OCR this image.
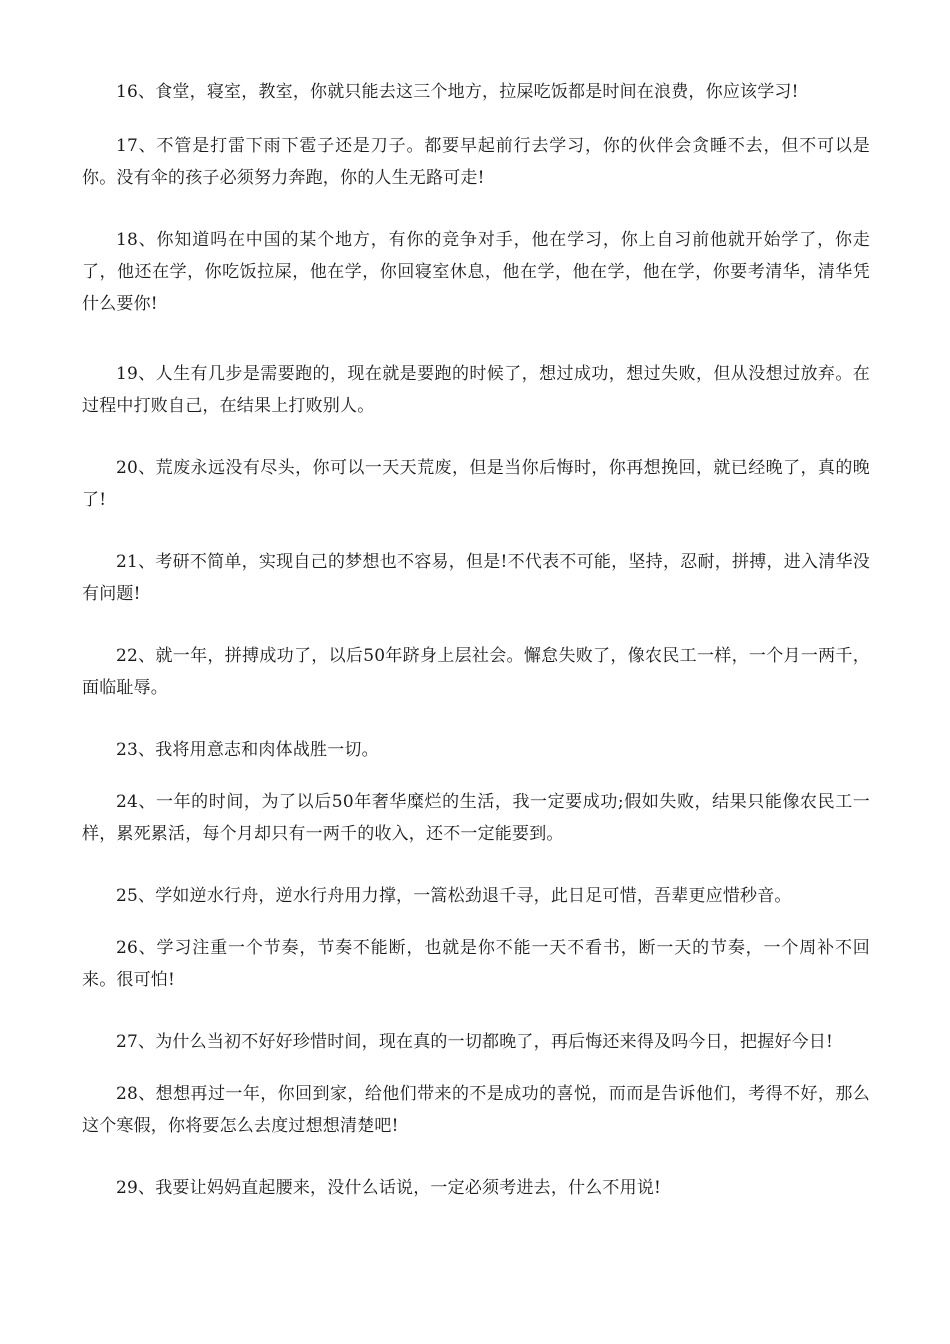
16、食堂，寝室，教室，你就只能去这三个地方，拉屎吃饭都是时间在浪费，你应该学习!

17、不管是打雷下雨下雹子还是刀子。都要早起前行去学习，你的伙伴会贪睡不去，但不可以是你。没有伞的孩子必须努力奔跑，你的人生无路可走!

18、你知道吗在中国的某个地方，有你的竞争对手，他在学习，你上自习前他就开始学了，你走了，他还在学，你吃饭拉屎，他在学，你回寝室休息，他在学，他在学，他在学，你要考清华，清华凭什么要你!

19、人生有几步是需要跑的，现在就是要跑的时候了，想过成功，想过失败，但从没想过放弃。在过程中打败自己，在结果上打败别人。

20、荒废永远没有尽头，你可以一天天荒废，但是当你后悔时，你再想挽回，就已经晚了，真的晚了!

21、考研不简单，实现自己的梦想也不容易，但是!不代表不可能，坚持，忍耐，拼搏，进入清华没有问题!

22、就一年，拼搏成功了，以后50年跻身上层社会。懈怠失败了，像农民工一样，一个月一两千，面临耻辱。

23、我将用意志和肉体战胜一切。

24、一年的时间，为了以后50年奢华糜烂的生活，我一定要成功;假如失败，结果只能像农民工一样，累死累活，每个月却只有一两千的收入，还不一定能要到。

25、学如逆水行舟，逆水行舟用力撑，一篙松劲退千寻，此日足可惜，吾辈更应惜秒音。

26、学习注重一个节奏，节奏不能断，也就是你不能一天不看书，断一天的节奏，一个周补不回来。很可怕!

27、为什么当初不好好珍惜时间，现在真的一切都晚了，再后悔还来得及吗今日，把握好今日!

28、想想再过一年，你回到家，给他们带来的不是成功的喜悦，而而是告诉他们，考得不好，那么这个寒假，你将要怎么去度过想想清楚吧!

29、我要让妈妈直起腰来，没什么话说，一定必须考进去，什么不用说!
